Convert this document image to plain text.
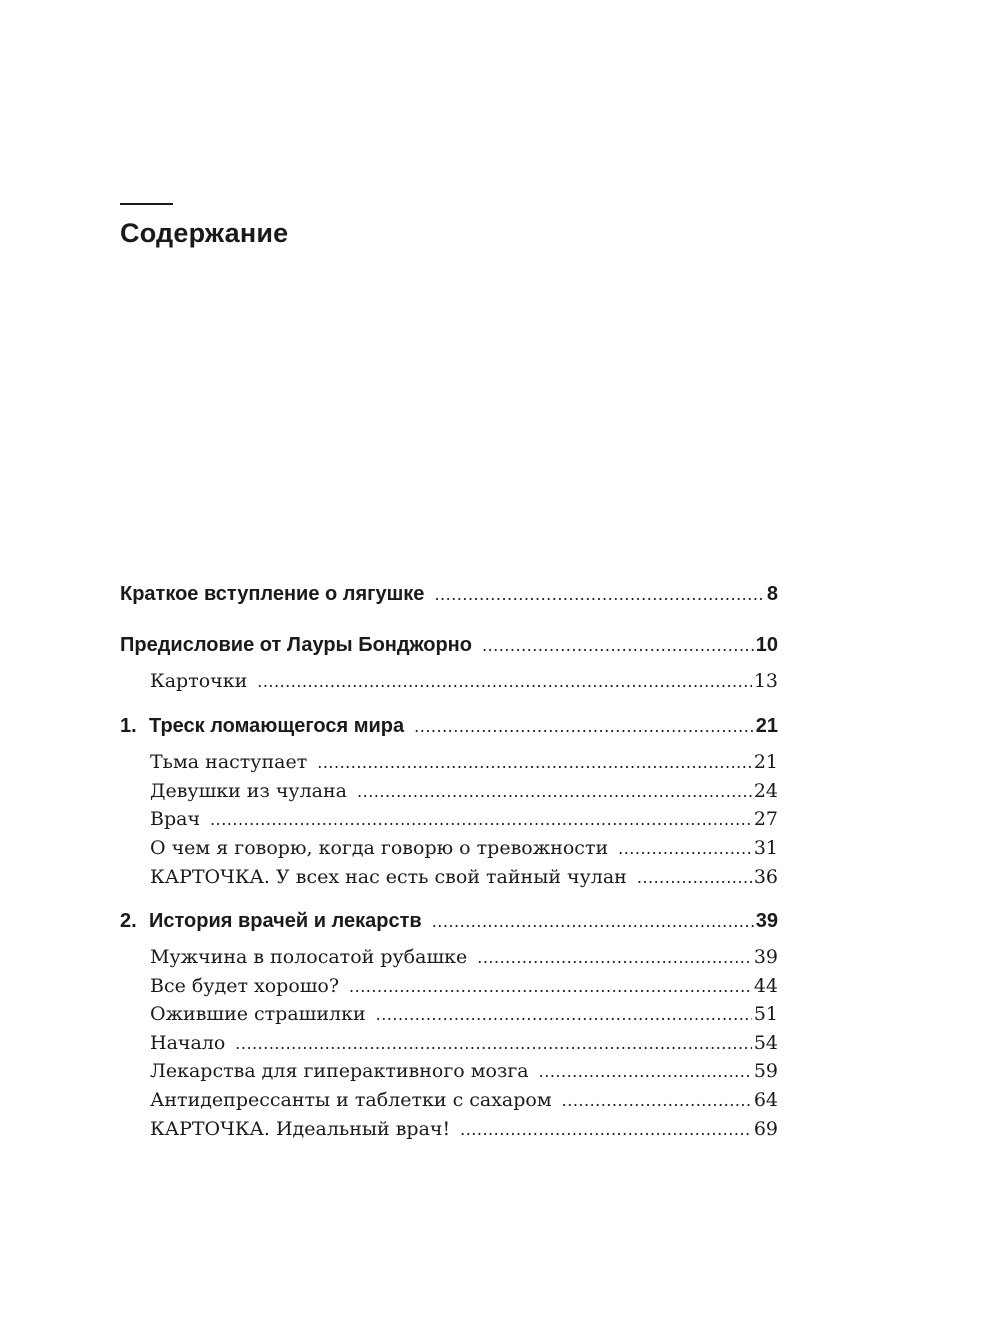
Содержание
Краткое вступление о лягушке .....	8
Предисловие от Лауры Бонджорно .....	10
Карточки .....	13
1. Треск ломающегося мира .....	21
Тьма наступает .....	21
Девушки из чулана .....	24
Врач .....	27
О чем я говорю, когда говорю о тревожности .....	31
КАРТОЧКА. У всех нас есть свой тайный чулан .....	36
2. История врачей и лекарств .....	39
Мужчина в полосатой рубашке .....	39
Все будет хорошо? .....	44
Ожившие страшилки .....	51
Начало .....	54
Лекарства для гиперактивного мозга .....	59
Антидепрессанты и таблетки с сахаром .....	64
КАРТОЧКА. Идеальный врач! .....	69
